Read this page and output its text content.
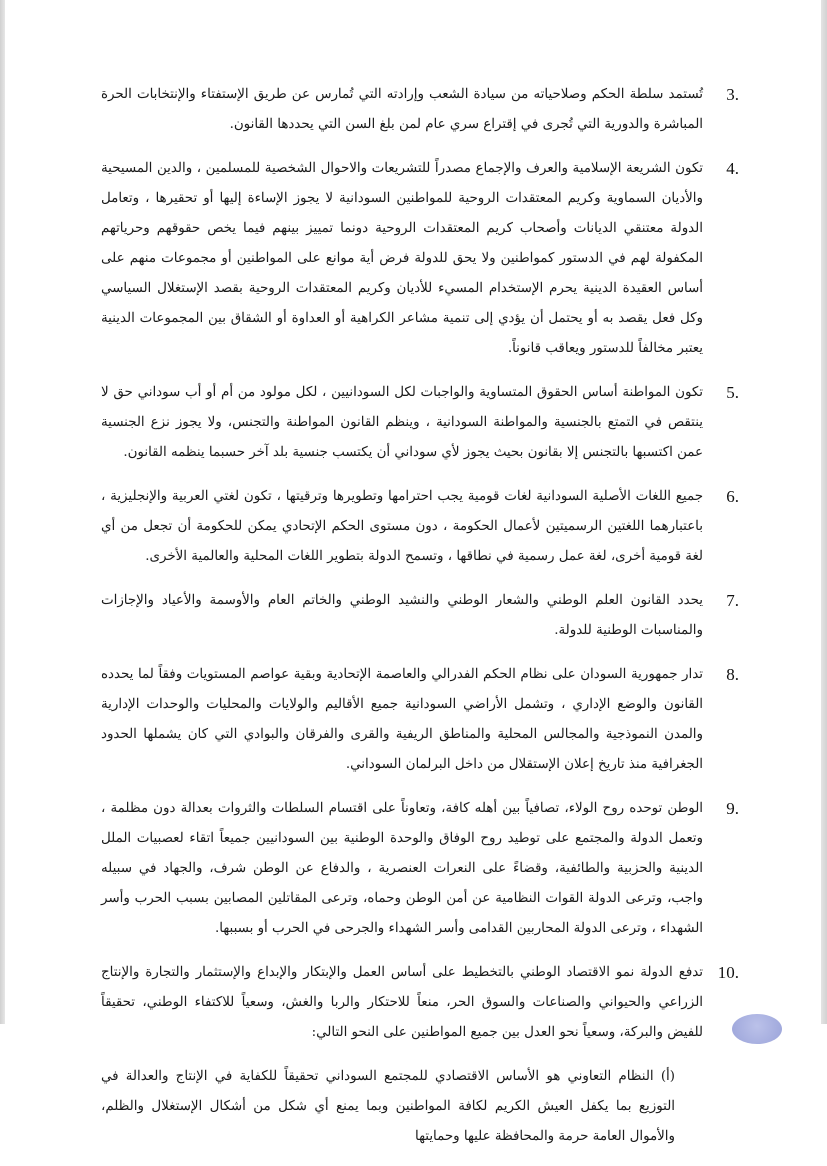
3.
تُستمد سلطة الحكم وصلاحياته من سيادة الشعب وإرادته التي تُمارس عن طريق الإستفتاء والإنتخابات الحرة المباشرة والدورية التي تُجرى في إقتراع سري عام لمن بلغ السن التي يحددها القانون.
4.
تكون الشريعة الإسلامية والعرف والإجماع مصدراً للتشريعات والاحوال الشخصية للمسلمين ، والدين المسيحية والأديان السماوية وكريم المعتقدات الروحية للمواطنين السودانية لا يجوز الإساءة إليها أو تحقيرها ، وتعامل الدولة معتنقي الديانات وأصحاب كريم المعتقدات الروحية دونما تمييز بينهم فيما يخص حقوقهم وحرياتهم المكفولة لهم في الدستور كمواطنين ولا يحق للدولة فرض أية موانع على المواطنين أو مجموعات منهم على أساس العقيدة الدينية يحرم الإستخدام المسيء للأديان وكريم المعتقدات الروحية بقصد الإستغلال السياسي وكل فعل يقصد به أو يحتمل أن يؤدي إلى تنمية مشاعر الكراهية أو العداوة أو الشقاق بين المجموعات الدينية يعتبر مخالفاً للدستور ويعاقب قانوناً.
5.
تكون المواطنة أساس الحقوق المتساوية والواجبات لكل السودانيين ، لكل مولود من أم أو أب سوداني حق لا ينتقص في التمتع بالجنسية والمواطنة السودانية ، وينظم القانون المواطنة والتجنس، ولا يجوز نزع الجنسية عمن اكتسبها بالتجنس إلا بقانون بحيث يجوز لأي سوداني أن يكتسب جنسية بلد آخر حسبما ينظمه القانون.
6.
جميع اللغات الأصلية السودانية لغات قومية يجب احترامها وتطويرها وترقيتها ، تكون لغتي العربية والإنجليزية ، باعتبارهما اللغتين الرسميتين لأعمال الحكومة ، دون مستوى الحكم الإتحادي يمكن للحكومة أن تجعل من أي لغة قومية أخرى، لغة عمل رسمية في نطاقها ، وتسمح الدولة بتطوير اللغات المحلية والعالمية الأخرى.
7.
يحدد القانون العلم الوطني والشعار الوطني والنشيد الوطني والخاتم العام والأوسمة والأعياد والإجازات والمناسبات الوطنية للدولة.
8.
تدار جمهورية السودان على نظام الحكم الفدرالي والعاصمة الإتحادية وبقية عواصم المستويات وفقاً لما يحدده القانون والوضع الإداري ، وتشمل الأراضي السودانية جميع الأقاليم والولايات والمحليات والوحدات الإدارية والمدن النموذجية والمجالس المحلية والمناطق الريفية والقرى والفرقان والبوادي التي كان يشملها الحدود الجغرافية منذ تاريخ إعلان الإستقلال من داخل البرلمان السوداني.
9.
الوطن توحده روح الولاء، تصافياً بين أهله كافة، وتعاوناً على اقتسام السلطات والثروات بعدالة دون مظلمة ، وتعمل الدولة والمجتمع على توطيد روح الوفاق والوحدة الوطنية بين السودانيين جميعاً اتقاء لعصبيات الملل الدينية والحزبية والطائفية، وقضاءً على النعرات العنصرية ، والدفاع عن الوطن شرف، والجهاد في سبيله واجب، وترعى الدولة القوات النظامية عن أمن الوطن وحماه، وترعى المقاتلين المصابين بسبب الحرب وأسر الشهداء ، وترعى الدولة المحاربين القدامى وأسر الشهداء والجرحى في الحرب أو بسببها.
10.
تدفع الدولة نمو الاقتصاد الوطني بالتخطيط على أساس العمل والإبتكار والإبداع والإستثمار والتجارة والإنتاج الزراعي والحيواني والصناعات والسوق الحر، منعاً للاحتكار والربا والغش، وسعياً للاكتفاء الوطني، تحقيقاً للفيض والبركة، وسعياً نحو العدل بين جميع المواطنين على النحو التالي:
(أ) النظام التعاوني هو الأساس الاقتصادي للمجتمع السوداني تحقيقاً للكفاية في الإنتاج والعدالة في التوزيع بما يكفل العيش الكريم لكافة المواطنين وبما يمنع أي شكل من أشكال الإستغلال والظلم، والأموال العامة حرمة والمحافظة عليها وحمايتها
